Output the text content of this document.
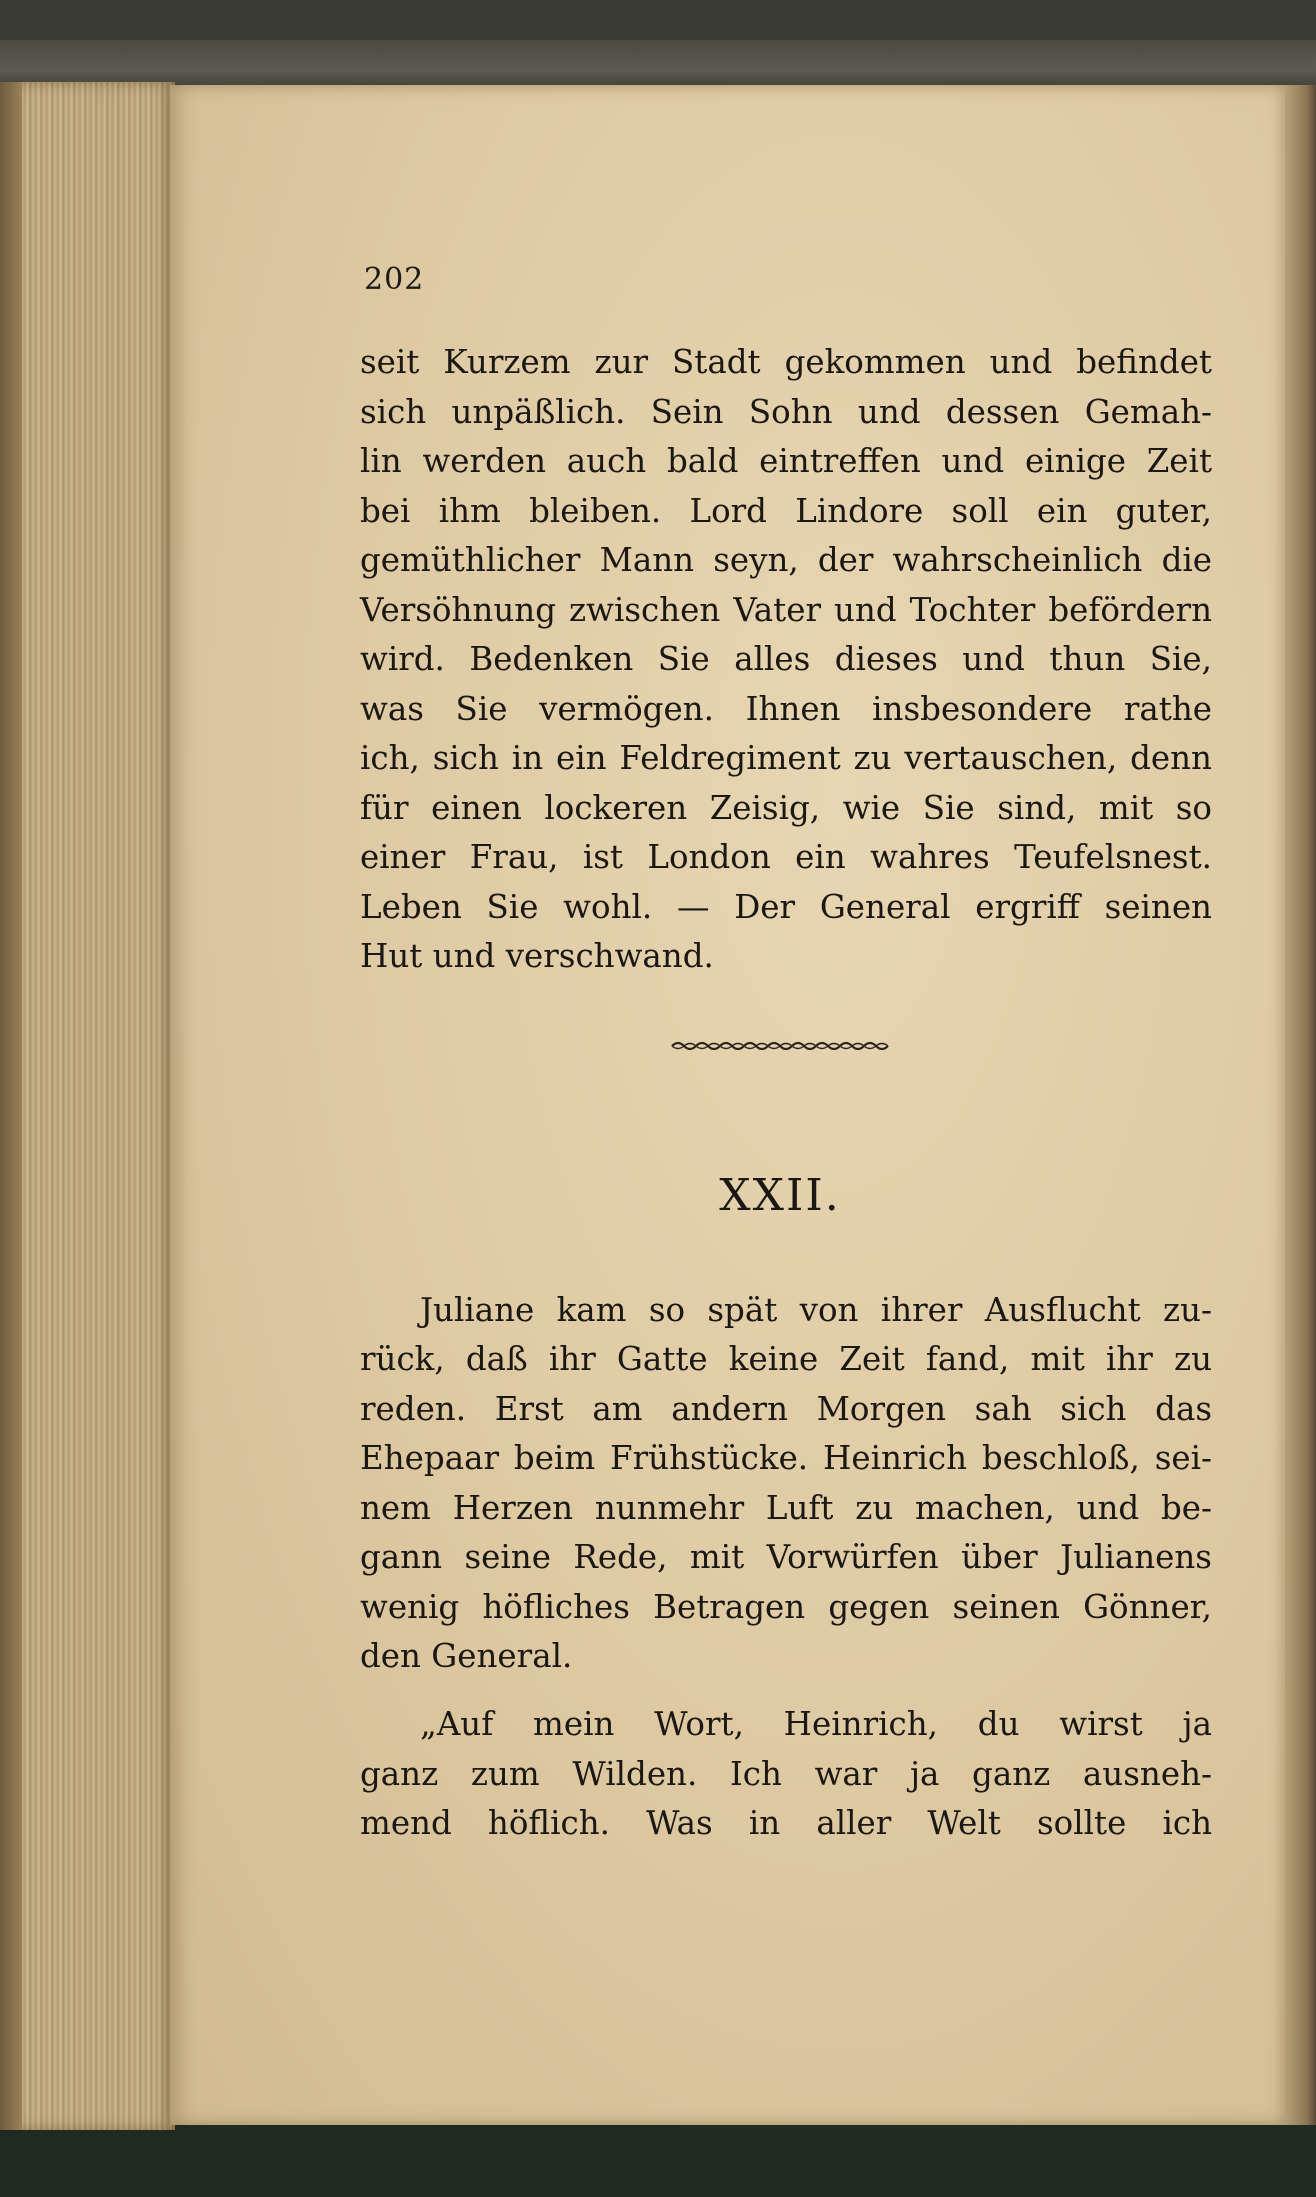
202
seit Kurzem zur Stadt gekommen und befindet
sich unpäßlich. Sein Sohn und dessen Gemah-
lin werden auch bald eintreffen und einige Zeit
bei ihm bleiben. Lord Lindore soll ein guter,
gemüthlicher Mann seyn, der wahrscheinlich die
Versöhnung zwischen Vater und Tochter befördern
wird. Bedenken Sie alles dieses und thun Sie,
was Sie vermögen. Ihnen insbesondere rathe
ich, sich in ein Feldregiment zu vertauschen, denn
für einen lockeren Zeisig, wie Sie sind, mit so
einer Frau, ist London ein wahres Teufelsnest.
Leben Sie wohl. — Der General ergriff seinen
Hut und verschwand.
XXII.
Juliane kam so spät von ihrer Ausflucht zu-
rück, daß ihr Gatte keine Zeit fand, mit ihr zu
reden. Erst am andern Morgen sah sich das
Ehepaar beim Frühstücke. Heinrich beschloß, sei-
nem Herzen nunmehr Luft zu machen, und be-
gann seine Rede, mit Vorwürfen über Julianens
wenig höfliches Betragen gegen seinen Gönner,
den General.
„Auf mein Wort, Heinrich, du wirst ja
ganz zum Wilden. Ich war ja ganz ausneh-
mend höflich. Was in aller Welt sollte ich
